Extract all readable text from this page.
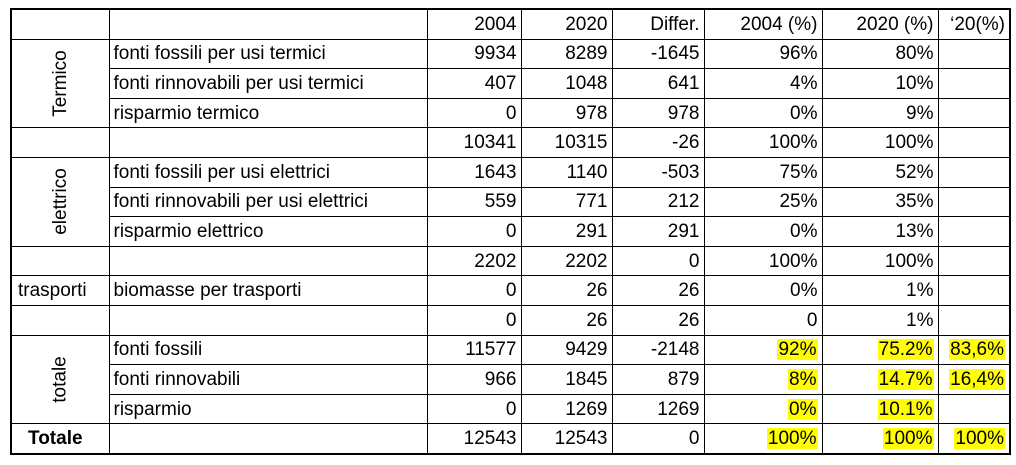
		2004	2020	Differ.	2004 (%)	2020 (%)	‘20(%)
Termico	fonti fossili per usi termici	9934	8289	-1645	96%	80%	
	fonti rinnovabili per usi termici	407	1048	641	4%	10%	
	risparmio termico	0	978	978	0%	9%	
		10341	10315	-26	100%	100%	
elettrico	fonti fossili per usi elettrici	1643	1140	-503	75%	52%	
	fonti rinnovabili per usi elettrici	559	771	212	25%	35%	
	risparmio elettrico	0	291	291	0%	13%	
		2202	2202	0	100%	100%	
trasporti	biomasse per trasporti	0	26	26	0%	1%	
		0	26	26	0	1%	
totale	fonti fossili	11577	9429	-2148	92%	75.2%	83,6%
	fonti rinnovabili	966	1845	879	8%	14.7%	16,4%
	risparmio	0	1269	1269	0%	10.1%	
Totale		12543	12543	0	100%	100%	100%
